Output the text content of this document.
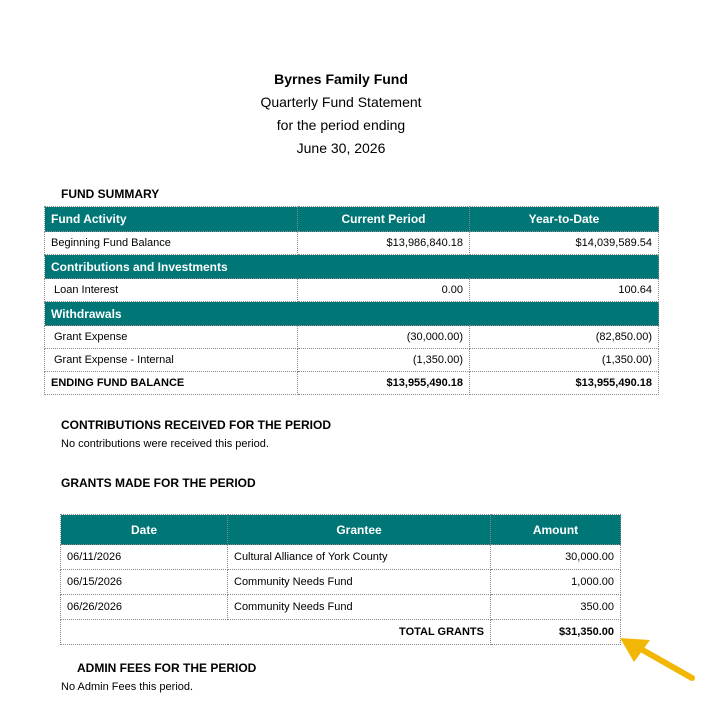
Byrnes Family Fund
Quarterly Fund Statement
for the period ending
June 30, 2026
FUND SUMMARY
Fund Activity	Current Period	Year-to-Date
Beginning Fund Balance	$13,986,840.18	$14,039,589.54
Contributions and Investments		
Loan Interest	0.00	100.64
Withdrawals		
Grant Expense	(30,000.00)	(82,850.00)
Grant Expense - Internal	(1,350.00)	(1,350.00)
ENDING FUND BALANCE	$13,955,490.18	$13,955,490.18
CONTRIBUTIONS RECEIVED FOR THE PERIOD
No contributions were received this period.
GRANTS MADE FOR THE PERIOD
Date	Grantee	Amount
06/11/2026	Cultural Alliance of York County	30,000.00
06/15/2026	Community Needs Fund	1,000.00
06/26/2026	Community Needs Fund	350.00
TOTAL GRANTS		$31,350.00
ADMIN FEES FOR THE PERIOD
No Admin Fees this period.
